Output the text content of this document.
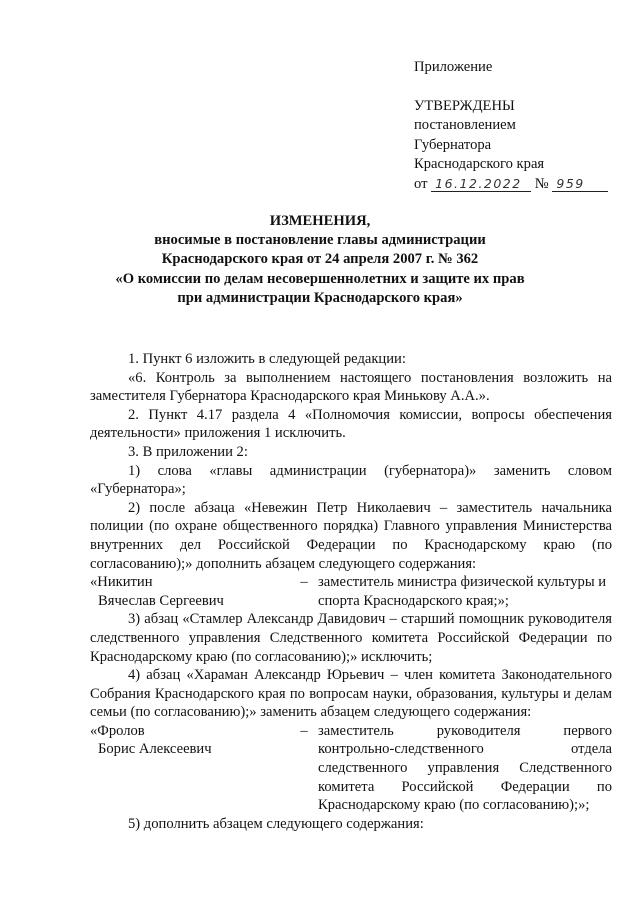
Приложение
УТВЕРЖДЕНЫ
постановлением
Губернатора
Краснодарского края
от 16.12.2022 № 959
ИЗМЕНЕНИЯ,
вносимые в постановление главы администрации
Краснодарского края от 24 апреля 2007 г. № 362
«О комиссии по делам несовершеннолетних и защите их прав
при администрации Краснодарского края»

1. Пункт 6 изложить в следующей редакции:

«6. Контроль за выполнением настоящего постановления возложить на заместителя Губернатора Краснодарского края Минькову А.А.».

2. Пункт 4.17 раздела 4 «Полномочия комиссии, вопросы обеспечения деятельности» приложения 1 исключить.

3. В приложении 2:

1) слова «главы администрации (губернатора)» заменить словом «Губернатора»;

2) после абзаца «Невежин Петр Николаевич – заместитель начальника полиции (по охране общественного порядка) Главного управления Министерства внутренних дел Российской Федерации по Краснодарскому краю (по согласованию);» дополнить абзацем следующего содержания:

«Никитин
Вячеслав Сергеевич
– заместитель министра физической культуры и спорта Краснодарского края;»;

3) абзац «Стамлер Александр Давидович – старший помощник руководителя следственного управления Следственного комитета Российской Федерации по Краснодарскому краю (по согласованию);» исключить;

4) абзац «Хараман Александр Юрьевич – член комитета Законодательного Собрания Краснодарского края по вопросам науки, образования, культуры и делам семьи (по согласованию);» заменить абзацем следующего содержания:

«Фролов
Борис Алексеевич
– заместитель руководителя первого контрольно-следственного отдела следственного управления Следственного комитета Российской Федерации по Краснодарскому краю (по согласованию);»;

5) дополнить абзацем следующего содержания:
